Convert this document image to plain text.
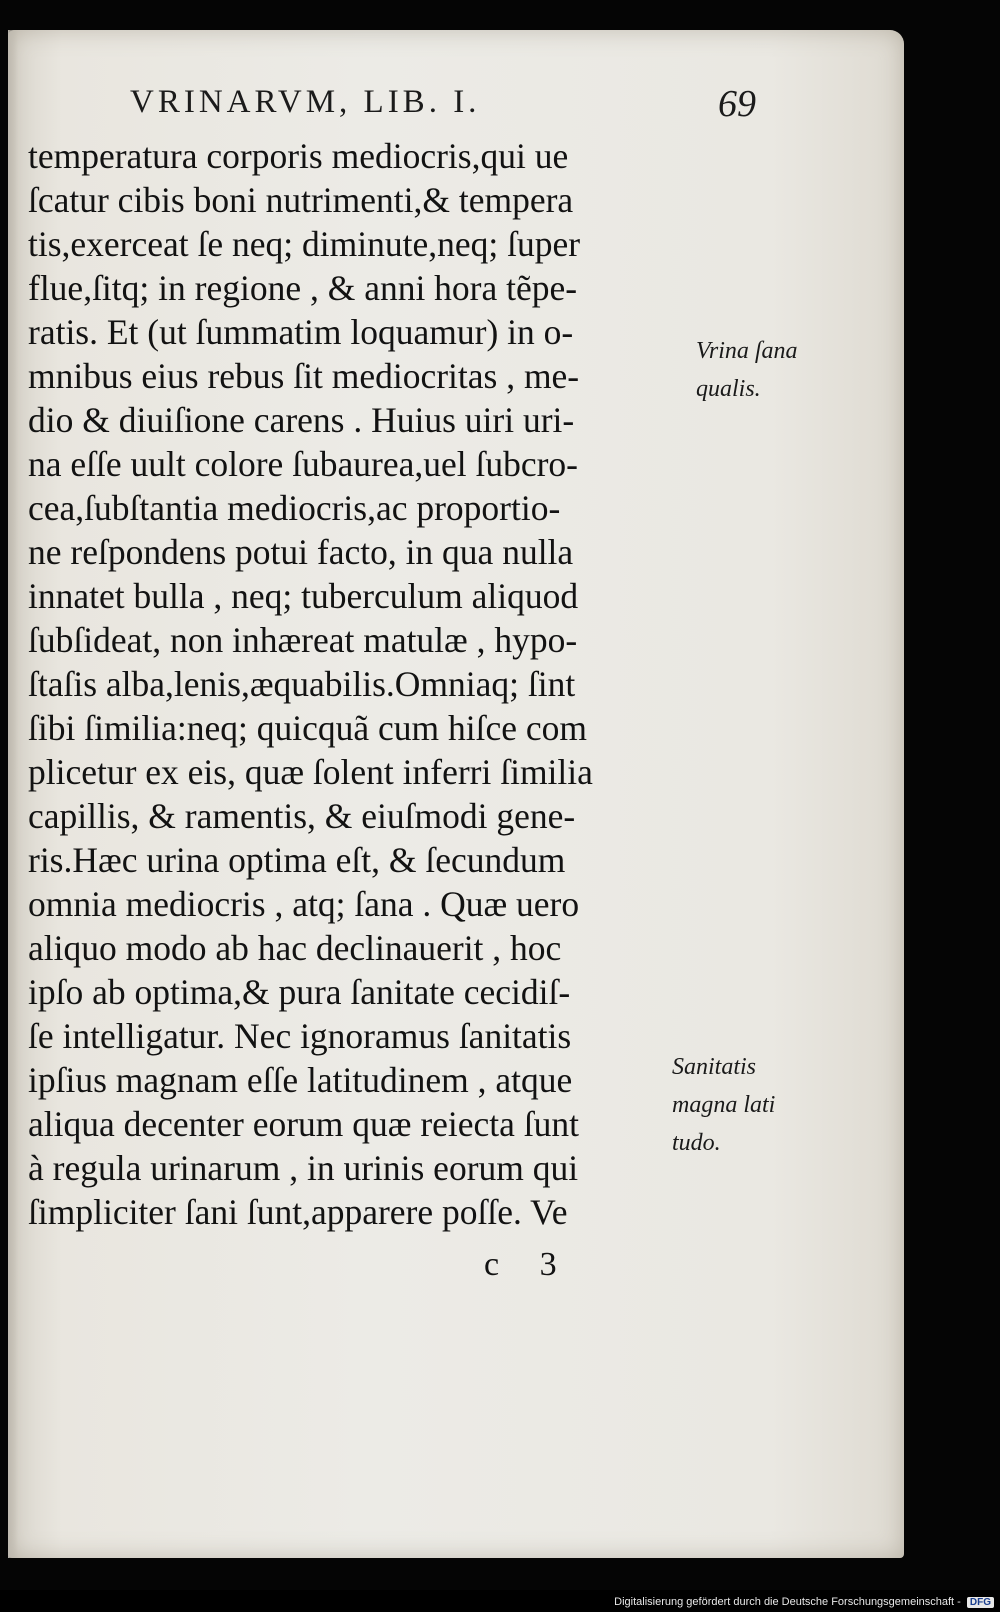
VRINARVM, LIB. I.	69
temperatura corporis mediocris,qui ue
ſcatur cibis boni nutrimenti,& tempera
tis,exerceat ſe neq; diminute,neq; ſuper
flue,ſitq; in regione , & anni hora tẽpe-
ratis. Et (ut ſummatim loquamur) in o-
mnibus eius rebus ſit mediocritas , me-
dio & diuiſione carens . Huius uiri uri-
na eſſe uult colore ſubaurea,uel ſubcro-
cea,ſubſtantia mediocris,ac proportio-
ne reſpondens potui facto, in qua nulla
innatet bulla , neq; tuberculum aliquod
ſubſideat, non inhæreat matulæ , hypo-
ſtaſis alba,lenis,æquabilis.Omniaq; ſint
ſibi ſimilia:neq; quicquã cum hiſce com
plicetur ex eis, quæ ſolent inferri ſimilia
capillis, & ramentis, & eiuſmodi gene-
ris.Hæc urina optima eſt, & ſecundum
omnia mediocris , atq; ſana . Quæ uero
aliquo modo ab hac declinauerit , hoc
ipſo ab optima,& pura ſanitate cecidiſ-
ſe intelligatur. Nec ignoramus ſanitatis
ipſius magnam eſſe latitudinem , atque
aliqua decenter eorum quæ reiecta ſunt
à regula urinarum , in urinis eorum qui
ſimpliciter ſani ſunt,apparere poſſe. Ve
Vrina ſana
qualis.
Sanitatis
magna lati
tudo.
c 3
Digitalisierung gefördert durch die Deutsche Forschungsgemeinschaft - DFG
